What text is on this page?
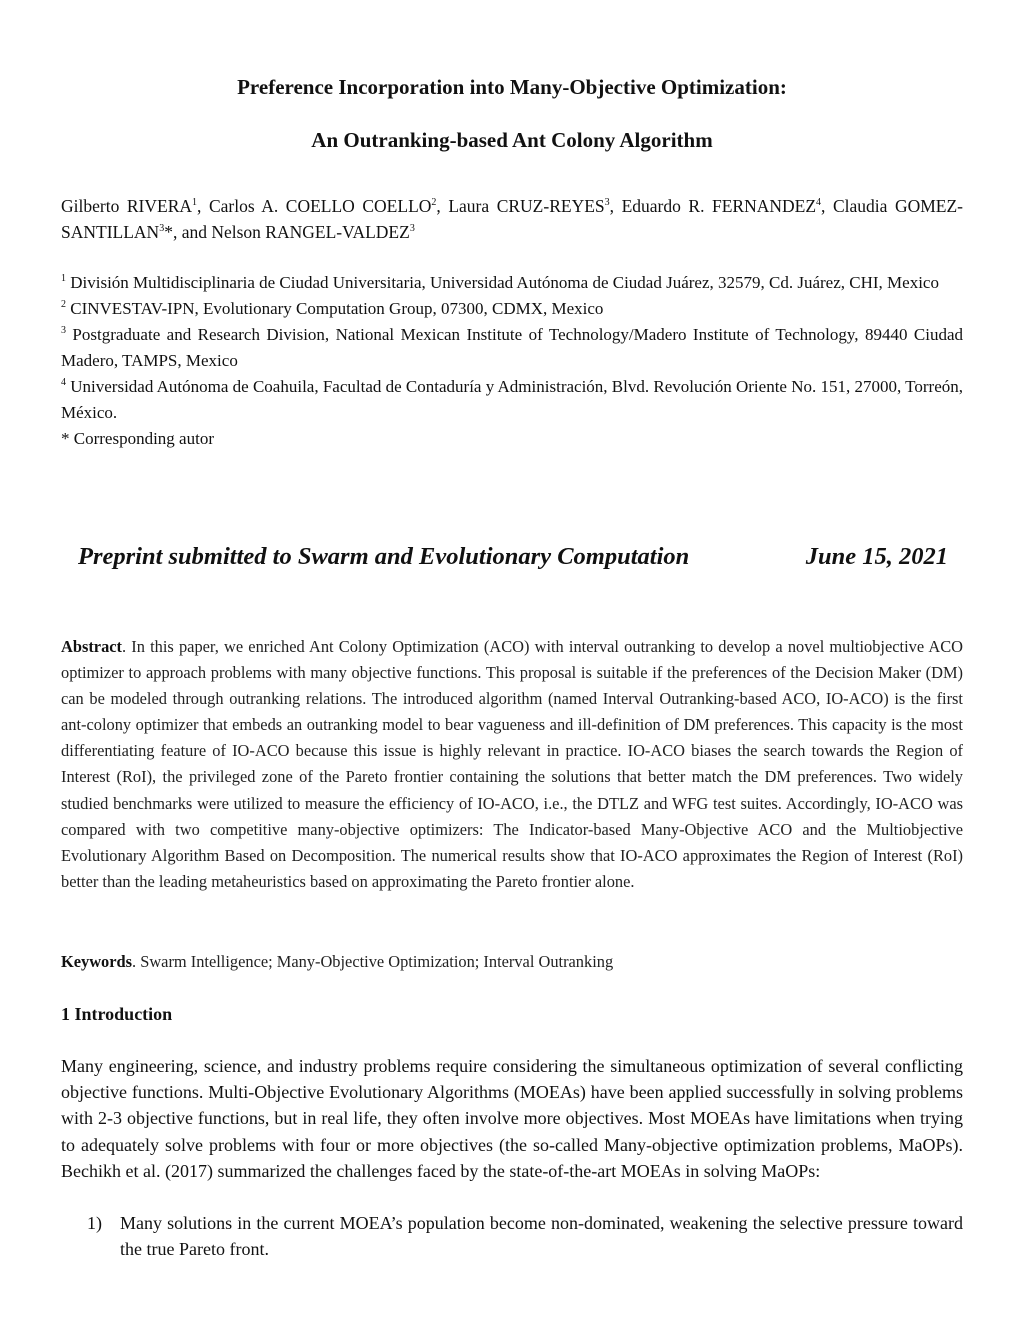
Preference Incorporation into Many-Objective Optimization:
An Outranking-based Ant Colony Algorithm
Gilberto RIVERA$^1$, Carlos A. COELLO COELLO$^2$, Laura CRUZ-REYES$^3$, Eduardo R. FERNANDEZ$^4$, Claudia GOMEZ-SANTILLAN$^3$*, and Nelson RANGEL-VALDEZ$^3$
$^1$ División Multidisciplinaria de Ciudad Universitaria, Universidad Autónoma de Ciudad Juárez, 32579, Cd. Juárez, CHI, Mexico
$^2$ CINVESTAV-IPN, Evolutionary Computation Group, 07300, CDMX, Mexico
$^3$ Postgraduate and Research Division, National Mexican Institute of Technology/Madero Institute of Technology, 89440 Ciudad Madero, TAMPS, Mexico
$^4$ Universidad Autónoma de Coahuila, Facultad de Contaduría y Administración, Blvd. Revolución Oriente No. 151, 27000, Torreón, México.
* Corresponding autor
Preprint submitted to Swarm and Evolutionary Computation	June 15, 2021
Abstract. In this paper, we enriched Ant Colony Optimization (ACO) with interval outranking to develop a novel multiobjective ACO optimizer to approach problems with many objective functions. This proposal is suitable if the preferences of the Decision Maker (DM) can be modeled through outranking relations. The introduced algorithm (named Interval Outranking-based ACO, IO-ACO) is the first ant-colony optimizer that embeds an outranking model to bear vagueness and ill-definition of DM preferences. This capacity is the most differentiating feature of IO-ACO because this issue is highly relevant in practice. IO-ACO biases the search towards the Region of Interest (RoI), the privileged zone of the Pareto frontier containing the solutions that better match the DM preferences. Two widely studied benchmarks were utilized to measure the efficiency of IO-ACO, i.e., the DTLZ and WFG test suites. Accordingly, IO-ACO was compared with two competitive many-objective optimizers: The Indicator-based Many-Objective ACO and the Multiobjective Evolutionary Algorithm Based on Decomposition. The numerical results show that IO-ACO approximates the Region of Interest (RoI) better than the leading metaheuristics based on approximating the Pareto frontier alone.
Keywords. Swarm Intelligence; Many-Objective Optimization; Interval Outranking
1 Introduction

Many engineering, science, and industry problems require considering the simultaneous optimization of several conflicting objective functions. Multi-Objective Evolutionary Algorithms (MOEAs) have been applied successfully in solving problems with 2-3 objective functions, but in real life, they often involve more objectives. Most MOEAs have limitations when trying to adequately solve problems with four or more objectives (the so-called Many-objective optimization problems, MaOPs). Bechikh et al. (2017) summarized the challenges faced by the state-of-the-art MOEAs in solving MaOPs:

1) Many solutions in the current MOEA’s population become non-dominated, weakening the selective pressure toward the true Pareto front.
